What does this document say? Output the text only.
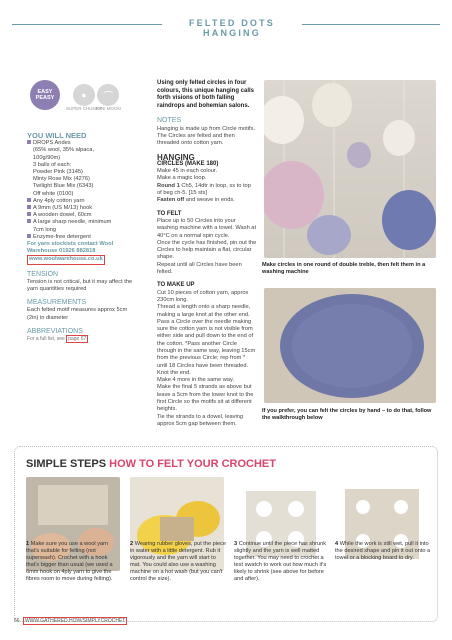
FELTED DOTS HANGING
EASY PEASY	●
SUPER CHUNKY
⌒
MINI MOON
YOU WILL NEED
DROPS Andes
(65% wool, 35% alpaca,
100g/90m)
3 balls of each:
Powder Pink (3145)
Minty Rose Mix (4276)
Twilight Blue Mix (6343)
Off white (0100)
Any 4ply cotton yarn
A 9mm (US M/13) hook
A wooden dowel, 60cm
A large sharp needle, minimum
7cm long
Enzyme-free detergent
For yarn stockists contact Wool Warehouse 01926 882818
www.woolwarehouse.co.uk
TENSION
Tension is not critical, but it may affect the yarn quantities required
MEASUREMENTS
Each felted motif measures approx 5cm (2in) in diameter
ABBREVIATIONS
For a full list, see page 67
Using only felted circles in four colours, this unique hanging calls forth visions of both falling raindrops and bohemian salons.
NOTES
Hanging is made up from Circle motifs. The Circles are felted and then threaded onto cotton yarn.
HANGING
CIRCLES (MAKE 180)
Make 45 in each colour.
Make a magic loop.
Round 1 Ch5, 14dtr in loop, ss to top of beg ch-5. [15 sts]
Fasten off and weave in ends.
TO FELT
Place up to 50 Circles into your washing machine with a towel. Wash at 40°C on a normal spin cycle.
Once the cycle has finished, pin out the Circles to help maintain a flat, circular shape.
Repeat until all Circles have been felted.
TO MAKE UP
Cut 10 pieces of cotton yarn, approx 230cm long.
Thread a length onto a sharp needle, making a large knot at the other end. Pass a Circle over the needle making sure the cotton yarn is not visible from either side and pull down to the end of the cotton. *Pass another Circle through in the same way, leaving 15cm from the previous Circle; rep from * until 18 Circles have been threaded. Knot the end.
Make 4 more in the same way.
Make the final 5 strands as above but leave a 5cm from the lower knot to the first Circle so the motifs sit at different heights.
Tie the strands to a dowel, leaving approx 5cm gap between them.
Make circles in one round of double treble, then felt them in a washing machine
If you prefer, you can felt the circles by hand – to do that, follow the walkthrough below
SIMPLE STEPS HOW TO FELT YOUR CROCHET
1 Make sure you use a wool yarn that's suitable for felting (not superwash). Crochet with a hook that's bigger than usual (we used a 6mm hook on 4ply yarn to give the fibres room to move during felting).
2 Wearing rubber gloves, put the piece in water with a little detergent. Rub it vigorously and the yarn will start to mat. You could also use a washing machine on a hot wash (but you can't control the size).
3 Continue until the piece has shrunk slightly and the yarn is well matted together. You may need to crochet a test swatch to work out how much it's likely to shrink (see above for before and after).
4 While the work is still wet, pull it into the desired shape and pin it out onto a towel or a blocking board to dry.
66 WWW.GATHERED.HOW/SIMPLYCROCHET
